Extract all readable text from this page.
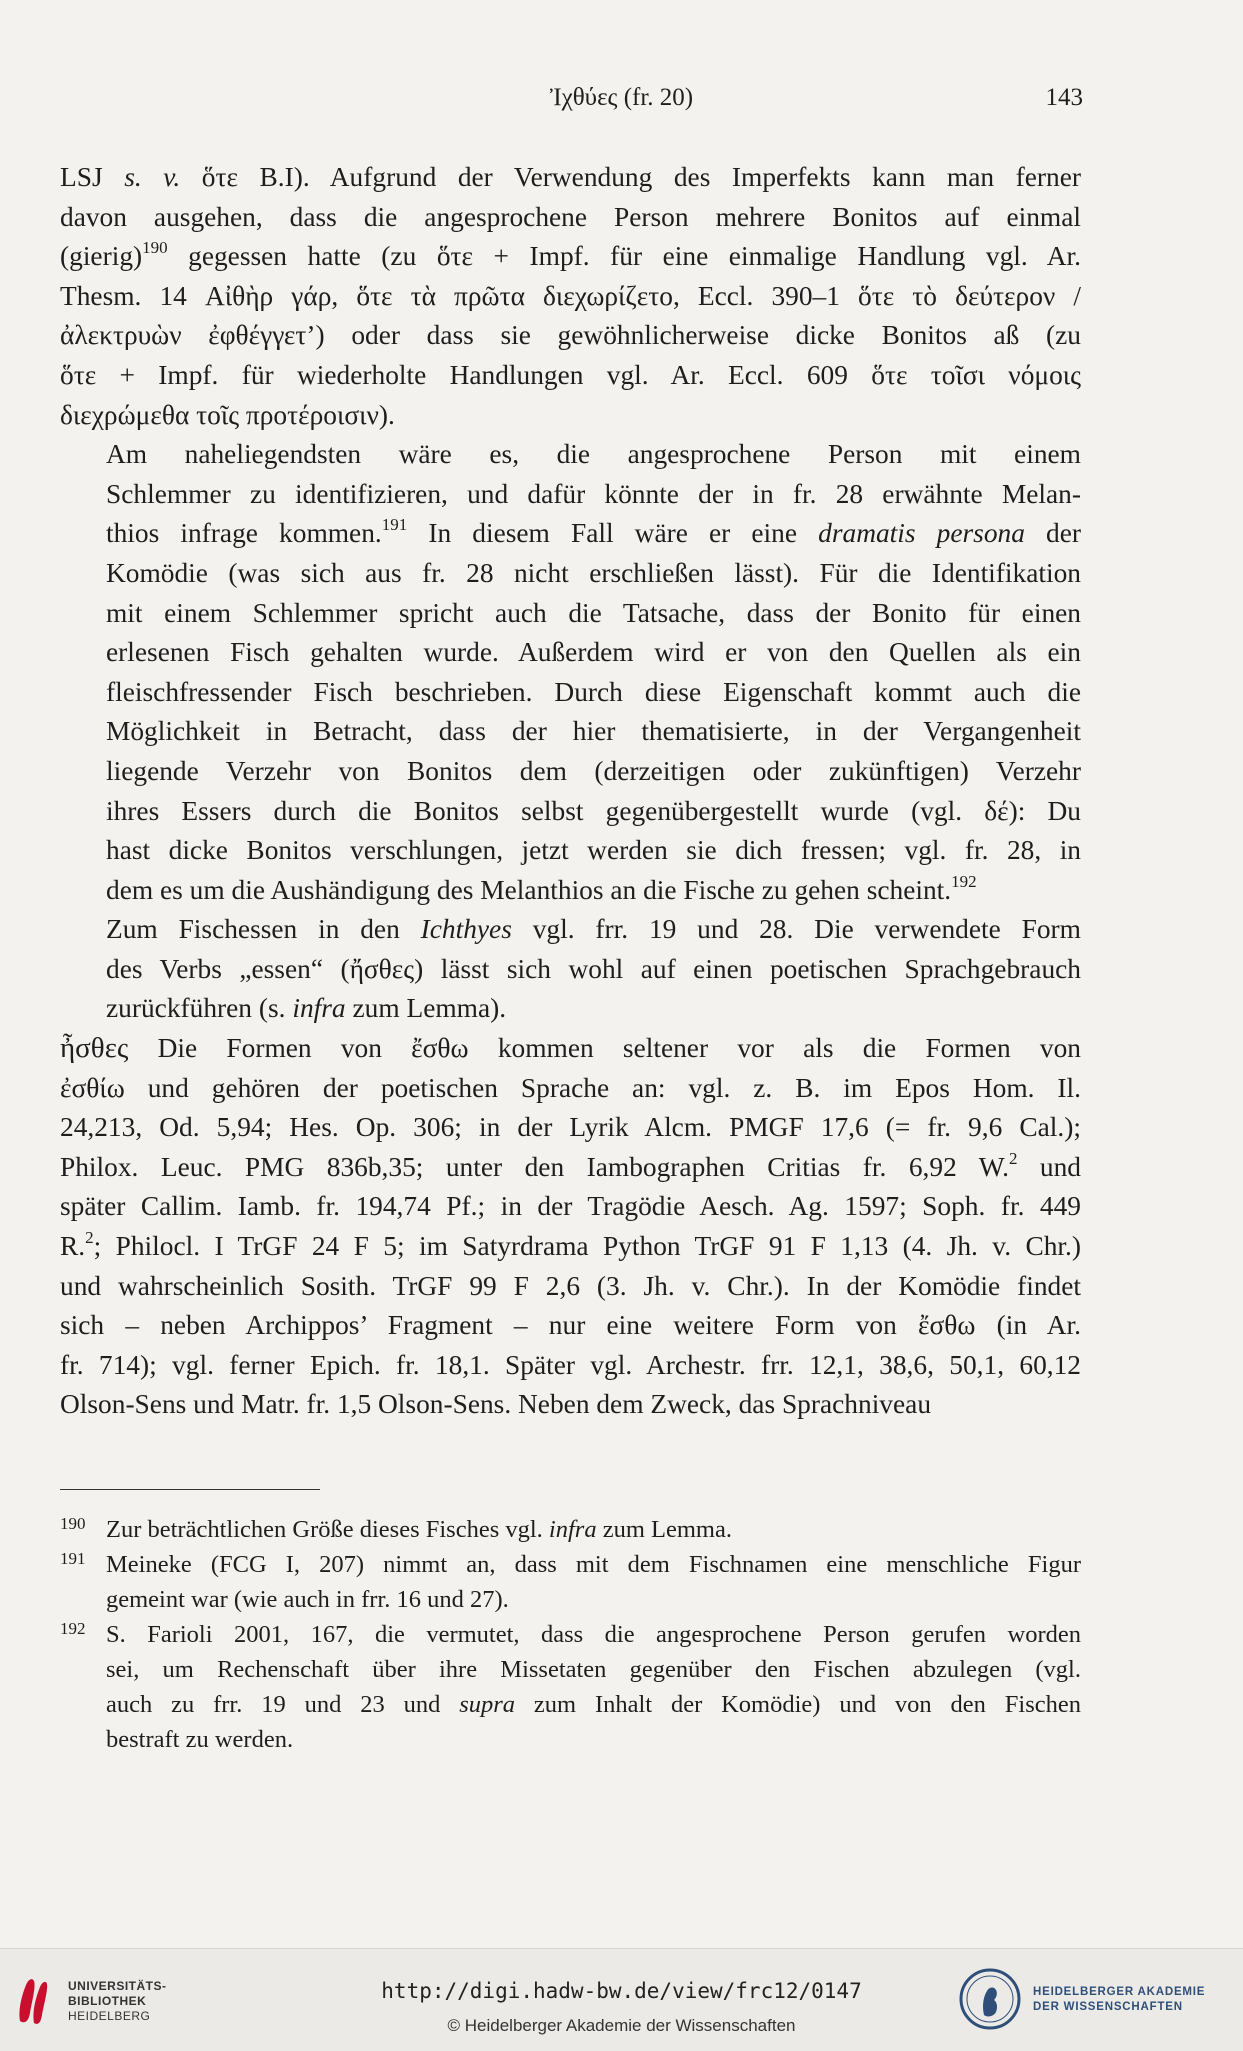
Ἰχθύες (fr. 20)	143

LSJ s. v. ὅτε B.I). Aufgrund der Verwendung des Imperfekts kann man ferner
davon ausgehen, dass die angesprochene Person mehrere Bonitos auf einmal
(gierig)$^{190}$ gegessen hatte (zu ὅτε + Impf. für eine einmalige Handlung vgl. Ar.
Thesm. 14 Αἰθὴρ γάρ, ὅτε τὰ πρῶτα διεχωρίζετο, Eccl. 390–1 ὅτε τὸ δεύτερον /
ἀλεκτρυὼν ἐφθέγγετ’) oder dass sie gewöhnlicherweise dicke Bonitos aß (zu
ὅτε + Impf. für wiederholte Handlungen vgl. Ar. Eccl. 609 ὅτε τοῖσι νόμοις
διεχρώμεθα τοῖς προτέροισιν).

Am naheliegendsten wäre es, die angesprochene Person mit einem
Schlemmer zu identifizieren, und dafür könnte der in fr. 28 erwähnte Melan-
thios infrage kommen.$^{191}$ In diesem Fall wäre er eine dramatis persona der
Komödie (was sich aus fr. 28 nicht erschließen lässt). Für die Identifikation
mit einem Schlemmer spricht auch die Tatsache, dass der Bonito für einen
erlesenen Fisch gehalten wurde. Außerdem wird er von den Quellen als ein
fleischfressender Fisch beschrieben. Durch diese Eigenschaft kommt auch die
Möglichkeit in Betracht, dass der hier thematisierte, in der Vergangenheit
liegende Verzehr von Bonitos dem (derzeitigen oder zukünftigen) Verzehr
ihres Essers durch die Bonitos selbst gegenübergestellt wurde (vgl. δέ): Du
hast dicke Bonitos verschlungen, jetzt werden sie dich fressen; vgl. fr. 28, in
dem es um die Aushändigung des Melanthios an die Fische zu gehen scheint.$^{192}$

Zum Fischessen in den Ichthyes vgl. frr. 19 und 28. Die verwendete Form
des Verbs „essen“ (ἤσθες) lässt sich wohl auf einen poetischen Sprachgebrauch
zurückführen (s. infra zum Lemma).

ἦσθες Die Formen von ἔσθω kommen seltener vor als die Formen von
ἐσθίω und gehören der poetischen Sprache an: vgl. z. B. im Epos Hom. Il.
24,213, Od. 5,94; Hes. Op. 306; in der Lyrik Alcm. PMGF 17,6 (= fr. 9,6 Cal.);
Philox. Leuc. PMG 836b,35; unter den Iambographen Critias fr. 6,92 W.$^2$ und
später Callim. Iamb. fr. 194,74 Pf.; in der Tragödie Aesch. Ag. 1597; Soph. fr. 449
R.$^2$; Philocl. I TrGF 24 F 5; im Satyrdrama Python TrGF 91 F 1,13 (4. Jh. v. Chr.)
und wahrscheinlich Sosith. TrGF 99 F 2,6 (3. Jh. v. Chr.). In der Komödie findet
sich – neben Archippos’ Fragment – nur eine weitere Form von ἔσθω (in Ar.
fr. 714); vgl. ferner Epich. fr. 18,1. Später vgl. Archestr. frr. 12,1, 38,6, 50,1, 60,12
Olson-Sens und Matr. fr. 1,5 Olson-Sens. Neben dem Zweck, das Sprachniveau

190 Zur beträchtlichen Größe dieses Fisches vgl. infra zum Lemma.
191 Meineke (FCG I, 207) nimmt an, dass mit dem Fischnamen eine menschliche Figur
gemeint war (wie auch in frr. 16 und 27).
192 S. Farioli 2001, 167, die vermutet, dass die angesprochene Person gerufen worden
sei, um Rechenschaft über ihre Missetaten gegenüber den Fischen abzulegen (vgl.
auch zu frr. 19 und 23 und supra zum Inhalt der Komödie) und von den Fischen
bestraft zu werden.
UNIVERSITÄTS-
BIBLIOTHEK
HEIDELBERG
http://digi.hadw-bw.de/view/frc12/0147
© Heidelberger Akademie der Wissenschaften
HEIDELBERGER AKADEMIE
DER WISSENSCHAFTEN
